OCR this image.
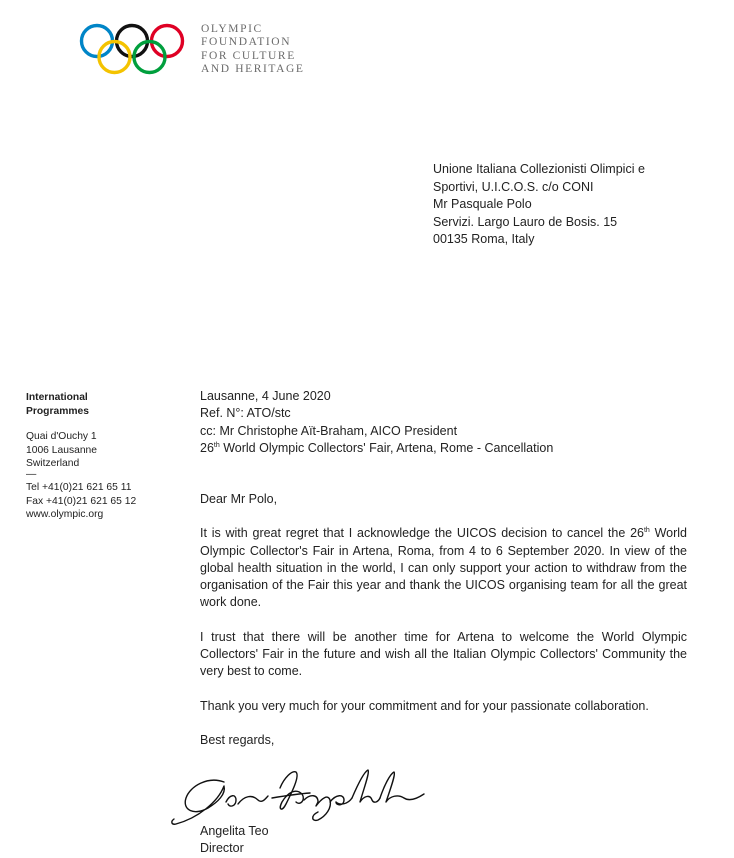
OLYMPIC
FOUNDATION
FOR CULTURE
AND HERITAGE
Unione Italiana Collezionisti Olimpici e
Sportivi, U.I.C.O.S. c/o CONI
Mr Pasquale Polo
Servizi. Largo Lauro de Bosis. 15
00135 Roma, Italy
International
Programmes
Quai d'Ouchy 1
1006 Lausanne
Switzerland
—
Tel +41(0)21 621 65 11
Fax +41(0)21 621 65 12
www.olympic.org
Lausanne, 4 June 2020
Ref. N°: ATO/stc
cc: Mr Christophe Aït-Braham, AICO President
26th World Olympic Collectors' Fair, Artena, Rome - Cancellation

Dear Mr Polo,

It is with great regret that I acknowledge the UICOS decision to cancel the 26th World Olympic Collector's Fair in Artena, Roma, from 4 to 6 September 2020. In view of the global health situation in the world, I can only support your action to withdraw from the organisation of the Fair this year and thank the UICOS organising team for all the great work done.

I trust that there will be another time for Artena to welcome the World Olympic Collectors' Fair in the future and wish all the Italian Olympic Collectors' Community the very best to come.

Thank you very much for your commitment and for your passionate collaboration.

Best regards,

Angelita Teo
Director
